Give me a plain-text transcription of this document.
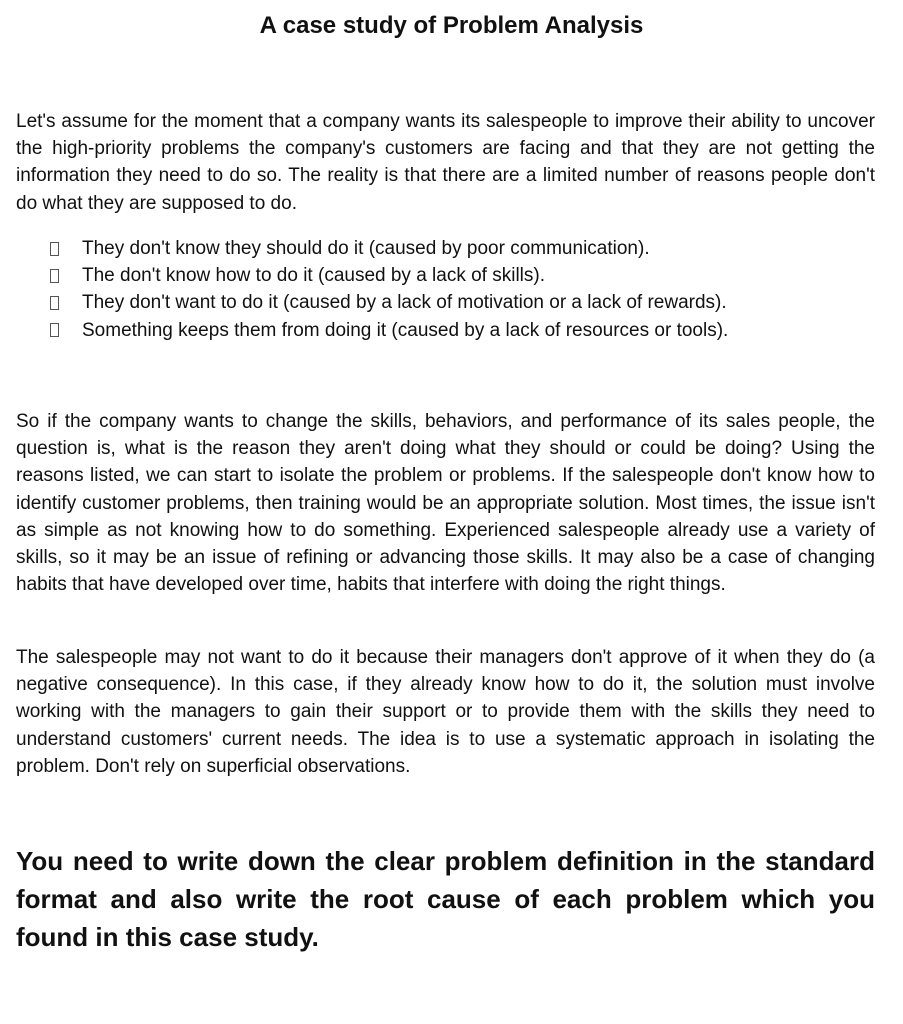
A case study of Problem Analysis

Let's assume for the moment that a company wants its salespeople to improve their ability to uncover the high-priority problems the company's customers are facing and that they are not getting the information they need to do so. The reality is that there are a limited number of reasons people don't do what they are supposed to do.

They don't know they should do it (caused by poor communication).
The don't know how to do it (caused by a lack of skills).
They don't want to do it (caused by a lack of motivation or a lack of rewards).
Something keeps them from doing it (caused by a lack of resources or tools).

So if the company wants to change the skills, behaviors, and performance of its sales people, the question is, what is the reason they aren't doing what they should or could be doing? Using the reasons listed, we can start to isolate the problem or problems. If the salespeople don't know how to identify customer problems, then training would be an appropriate solution. Most times, the issue isn't as simple as not knowing how to do something. Experienced salespeople already use a variety of skills, so it may be an issue of refining or advancing those skills. It may also be a case of changing habits that have developed over time, habits that interfere with doing the right things.

The salespeople may not want to do it because their managers don't approve of it when they do (a negative consequence). In this case, if they already know how to do it, the solution must involve working with the managers to gain their support or to provide them with the skills they need to understand customers' current needs. The idea is to use a systematic approach in isolating the problem. Don't rely on superficial observations.

You need to write down the clear problem definition in the standard format and also write the root cause of each problem which you found in this case study.
